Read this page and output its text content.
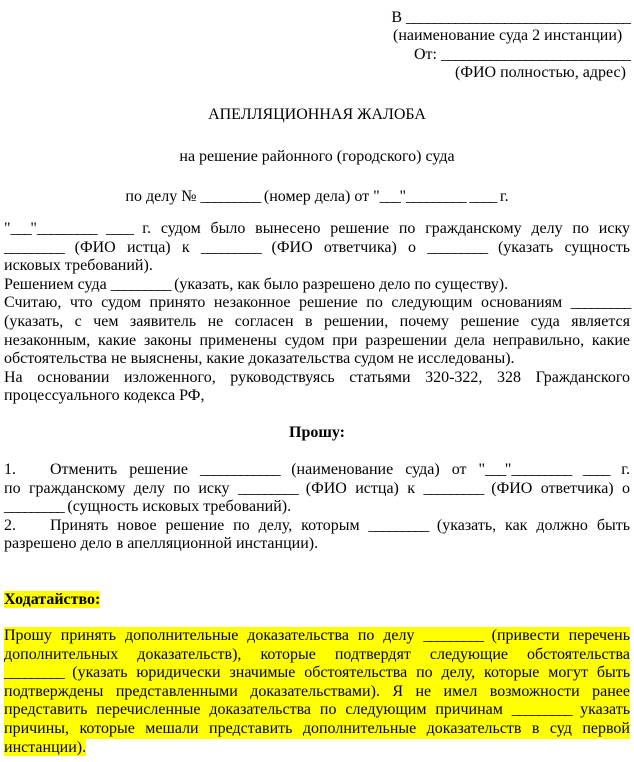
В ________________________________
(наименование суда 2 инстанции)
От: ___________________________
(ФИО полностью, адрес)
АПЕЛЛЯЦИОННАЯ ЖАЛОБА
на решение районного (городского) суда
по делу № _________ (номер дела) от "___"_________ ____ г.
"___"_________ ____ г. судом было вынесено решение по гражданскому делу по иску
_________ (ФИО истца) к _________ (ФИО ответчика) о _________ (указать сущность
исковых требований).
Решением суда _________ (указать, как было разрешено дело по существу).
Считаю, что судом принято незаконное решение по следующим основаниям _________
(указать, с чем заявитель не согласен в решении, почему решение суда является
незаконным, какие законы применены судом при разрешении дела неправильно, какие
обстоятельства не выяснены, какие доказательства судом не исследованы).
На основании изложенного, руководствуясь статьями 320-322, 328 Гражданского
процессуального кодекса РФ,
Прошу:
1. Отменить решение ____________ (наименование суда) от "___"_________ ____ г.
по гражданскому делу по иску _________ (ФИО истца) к _________ (ФИО ответчика) о
_________ (сущность исковых требований).
2. Принять новое решение по делу, которым _________ (указать, как должно быть
разрешено дело в апелляционной инстанции).
Ходатайство:
Прошу принять дополнительные доказательства по делу _________ (привести перечень
дополнительных доказательств), которые подтвердят следующие обстоятельства
_________ (указать юридически значимые обстоятельства по делу, которые могут быть
подтверждены представленными доказательствами). Я не имел возможности ранее
представить перечисленные доказательства по следующим причинам _________ указать
причины, которые мешали представить дополнительные доказательств в суд первой
инстанции).
